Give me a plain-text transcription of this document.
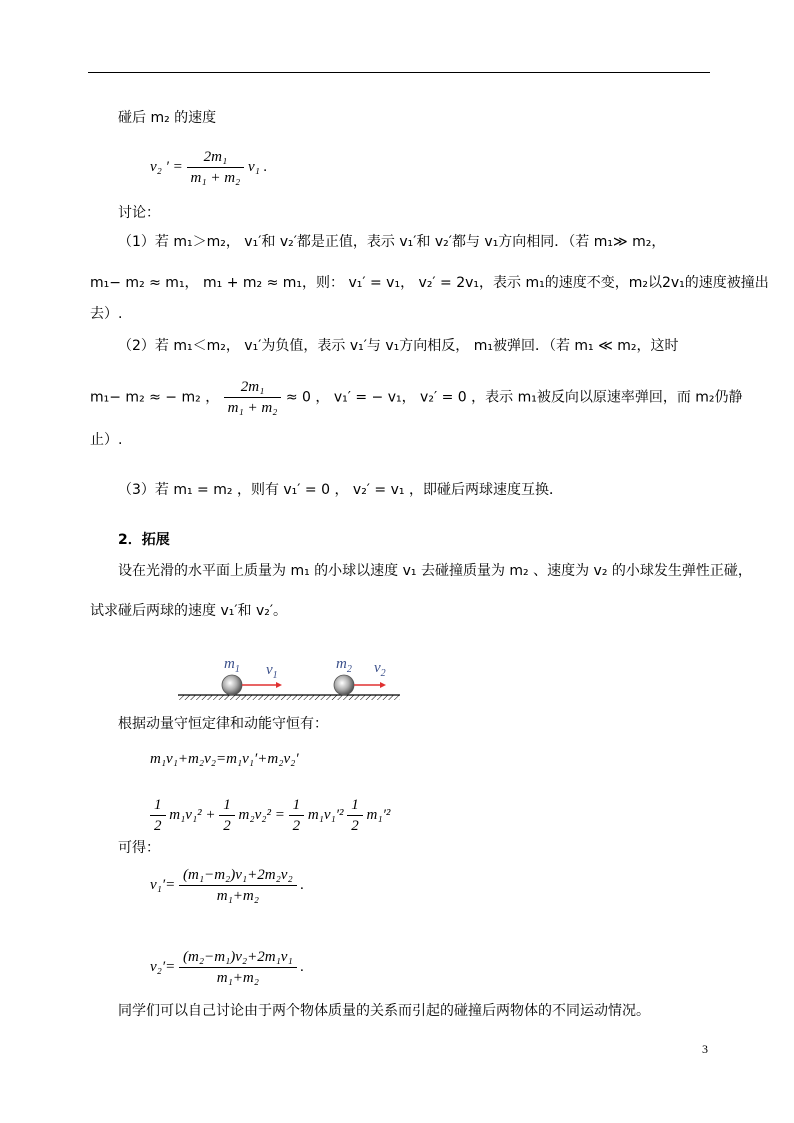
碰后 m₂ 的速度
v₂ ′ = $\frac{\text{2m₁}}{\text{m₁ + m₂}} v_1$ .
讨论：
（1）若 m₁＞m₂， v₁′和 v₂′都是正值，表示 v₁′和 v₂′都与 v₁方向相同．（若 m₁≫ m₂，
m₁− m₂ ≈ m₁， m₁ + m₂ ≈ m₁，则： v₁′ = v₁， v₂′ = 2v₁，表示 m₁的速度不变，m₂以2v₁的速度被撞出
去）.
（2）若 m₁＜m₂， v₁′为负值，表示 v₁′与 v₁方向相反， m₁被弹回．（若 m₁ ≪ m₂，这时
m₁− m₂ ≈ − m₂ ， $\frac{\text{2m₁}}{\text{m₁ + m₂}} \approx 0$ ， v₁′ = − v₁， v₂′ = 0 ，表示 m₁被反向以原速率弹回，而 m₂仍静
止）.
（3）若 m₁ = m₂ ，则有 v₁′ = 0 ， v₂′ = v₁ ，即碰后两球速度互换．
2．拓展
设在光滑的水平面上质量为 m₁ 的小球以速度 v₁ 去碰撞质量为 m₂ 、速度为 v₂ 的小球发生弹性正碰，
试求碰后两球的速度 v₁′和 v₂′。
$m_1$ $v_1$
$m_2$ $v_2$
根据动量守恒定律和动能守恒有：
m₁v₁+m₂v₂=m₁v₁′+m₂v₂′
$\frac{1}{2} m_1v_1^2 + \frac{1}{2} m_2v_2^2 = \frac{1}{2} m_1v_1'^2 \frac{1}{2} m_1'^2$
可得：
$v_1'= \frac{\text{(m₁−m₂)v₁+2m₂v₂}}{\text{m₁+m₂}}$ .
$v_2'= \frac{\text{(m₂−m₁)v₂+2m₁v₁}}{\text{m₁+m₂}}$ .
同学们可以自己讨论由于两个物体质量的关系而引起的碰撞后两物体的不同运动情况。
3
